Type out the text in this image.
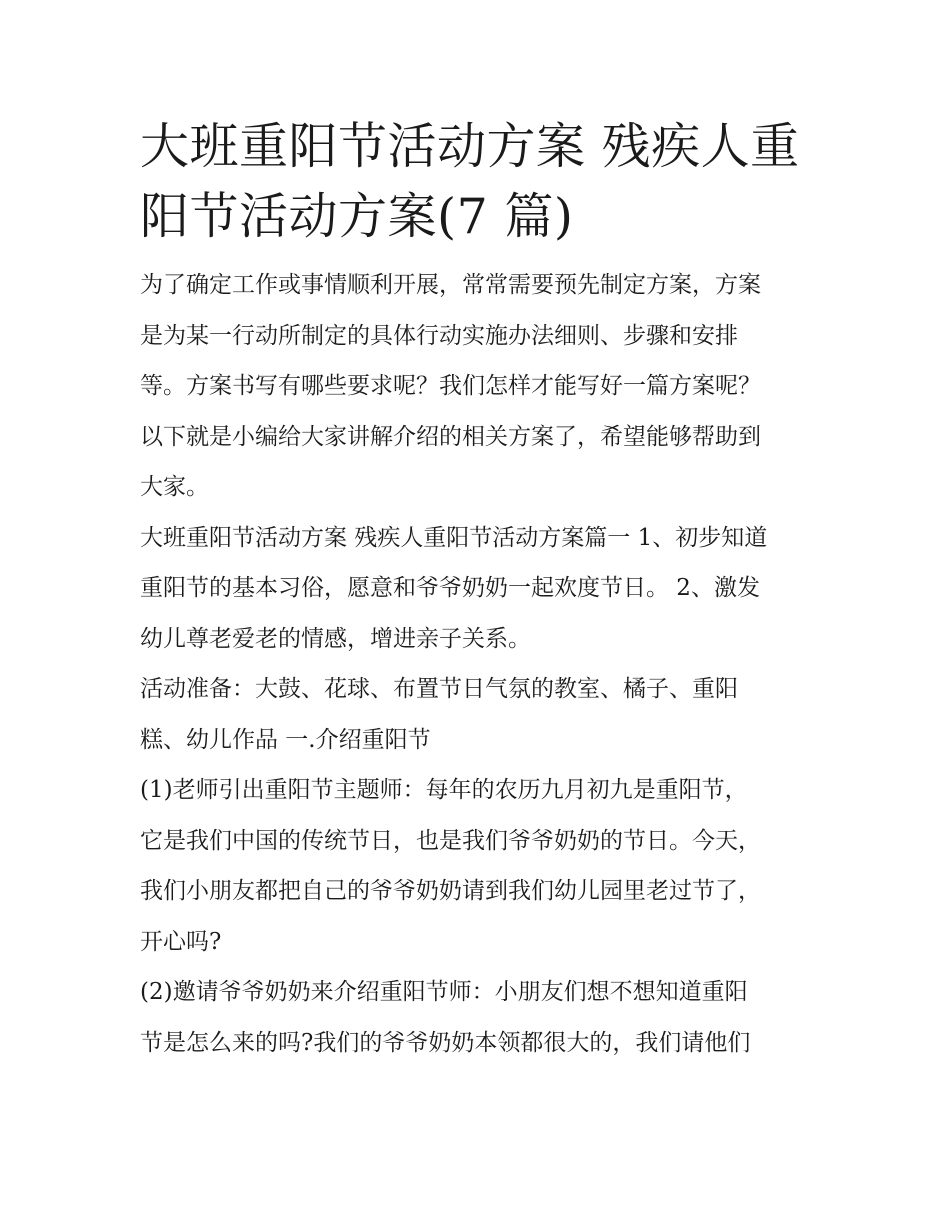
大班重阳节活动方案 残疾人重
阳节活动方案(7 篇)
为了确定工作或事情顺利开展，常常需要预先制定方案，方案
是为某一行动所制定的具体行动实施办法细则、步骤和安排
等。方案书写有哪些要求呢？我们怎样才能写好一篇方案呢？
以下就是小编给大家讲解介绍的相关方案了，希望能够帮助到
大家。
大班重阳节活动方案 残疾人重阳节活动方案篇一 1、初步知道
重阳节的基本习俗，愿意和爷爷奶奶一起欢度节日。 2、激发
幼儿尊老爱老的情感，增进亲子关系。
活动准备：大鼓、花球、布置节日气氛的教室、橘子、重阳
糕、幼儿作品 一.介绍重阳节
(1)老师引出重阳节主题师：每年的农历九月初九是重阳节，
它是我们中国的传统节日，也是我们爷爷奶奶的节日。今天，
我们小朋友都把自己的爷爷奶奶请到我们幼儿园里老过节了，
开心吗?
(2)邀请爷爷奶奶来介绍重阳节师：小朋友们想不想知道重阳
节是怎么来的吗?我们的爷爷奶奶本领都很大的，我们请他们
